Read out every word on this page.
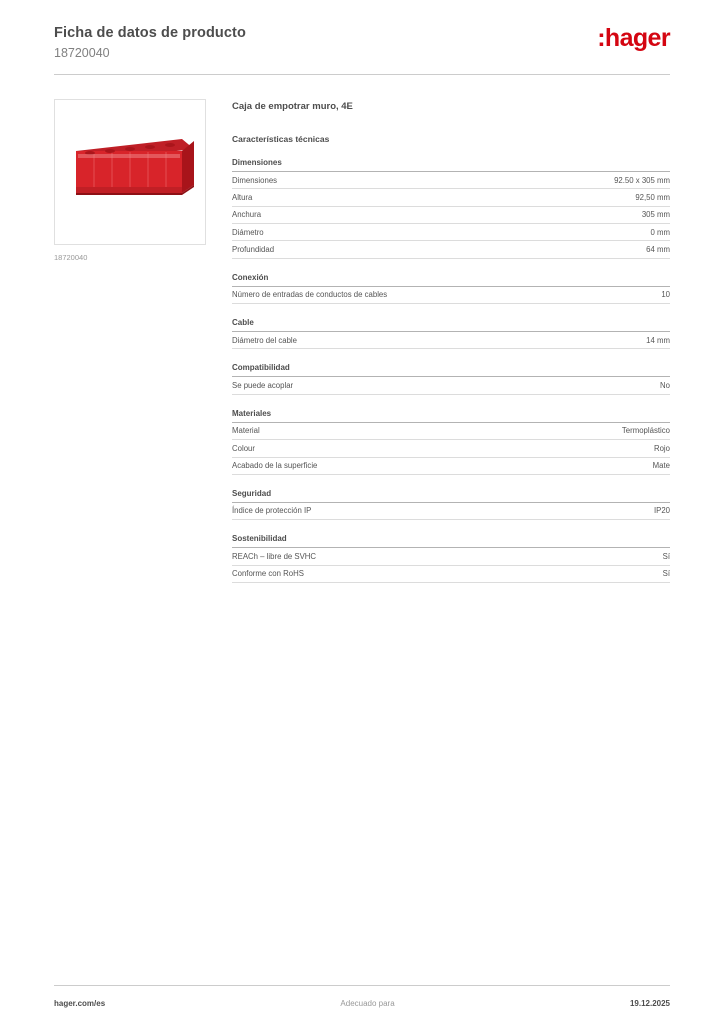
Ficha de datos de producto
18720040
:hager
18720040
Caja de empotrar muro, 4E
Características técnicas
Dimensiones
Dimensiones	92.50 x 305 mm
Altura	92,50 mm
Anchura	305 mm
Diámetro	0 mm
Profundidad	64 mm
Conexión
Número de entradas de conductos de cables	10
Cable
Diámetro del cable	14 mm
Compatibilidad
Se puede acoplar	No
Materiales
Material	Termoplástico
Colour	Rojo
Acabado de la superficie	Mate
Seguridad
Índice de protección IP	IP20
Sostenibilidad
REACh – libre de SVHC	Sí
Conforme con RoHS	Sí
hager.com/es	Adecuado para	19.12.2025
